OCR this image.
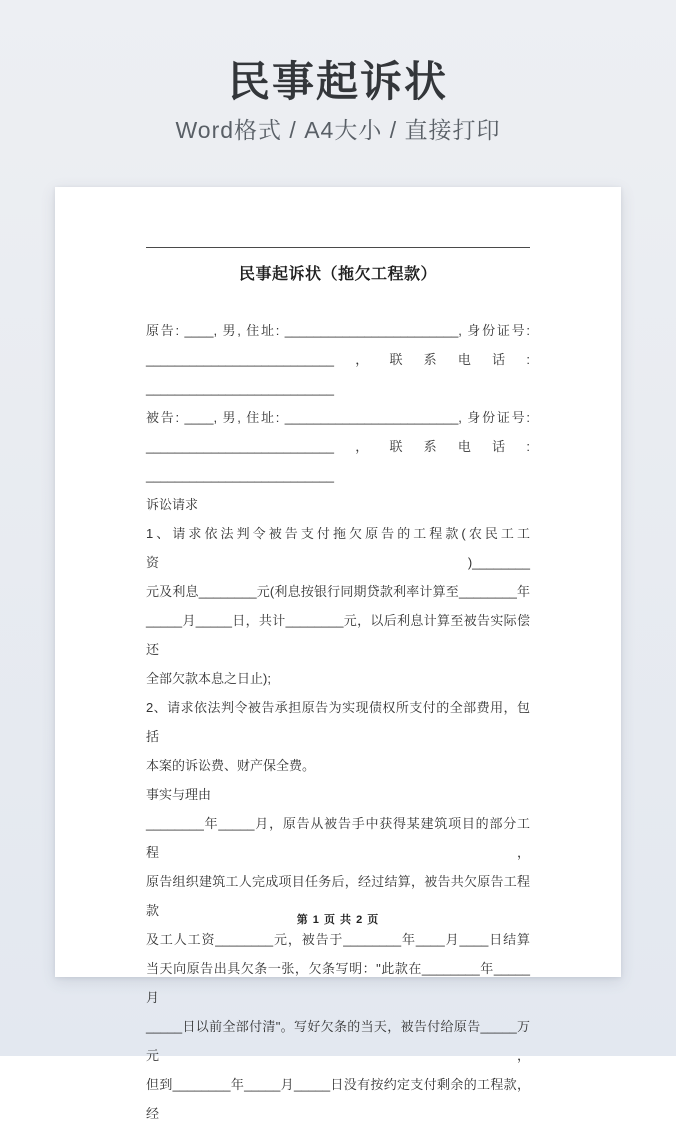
民事起诉状
Word格式 / A4大小 / 直接打印
民事起诉状（拖欠工程款）
原告: ____, 男, 住址: ________________________, 身份证号:
__________________________ ， 联 系 电 话 :
__________________________
被告: ____, 男, 住址: ________________________, 身份证号:
__________________________ ， 联 系 电 话 :
__________________________
诉讼请求
1、请求依法判令被告支付拖欠原告的工程款(农民工工资)________
元及利息________元(利息按银行同期贷款利率计算至________年
_____月_____日，共计________元，以后利息计算至被告实际偿还
全部欠款本息之日止);
2、请求依法判令被告承担原告为实现债权所支付的全部费用，包括
本案的诉讼费、财产保全费。
事实与理由
________年_____月，原告从被告手中获得某建筑项目的部分工程，
原告组织建筑工人完成项目任务后，经过结算，被告共欠原告工程款
及工人工资________元，被告于________年____月____日结算
当天向原告出具欠条一张，欠条写明："此款在________年_____月
_____日以前全部付清"。写好欠条的当天，被告付给原告_____万元，
但到________年_____月_____日没有按约定支付剩余的工程款，经
第 1 页 共 2 页
